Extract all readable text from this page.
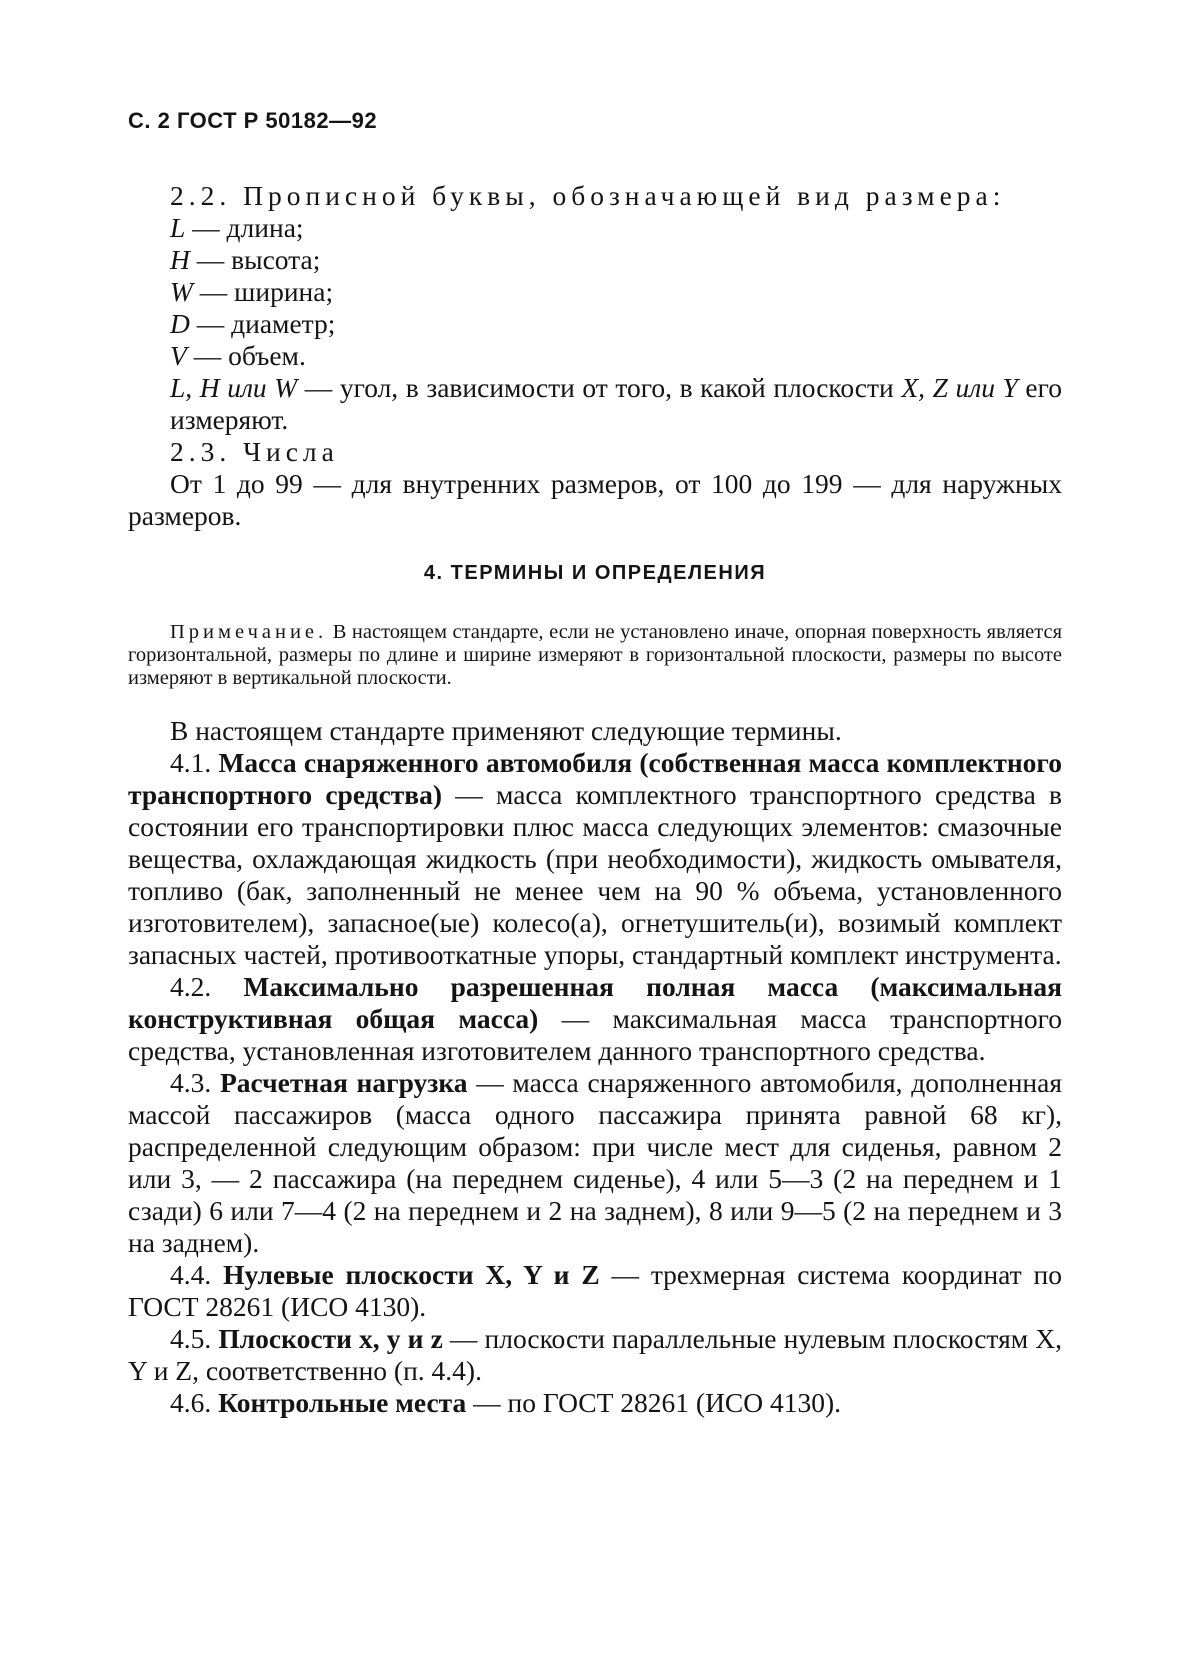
С. 2 ГОСТ Р 50182—92

2.2. Прописной буквы, обозначающей вид размера:

L — длина;

H — высота;

W — ширина;

D — диаметр;

V — объем.

L, H или W — угол, в зависимости от того, в какой плоскости X, Z или Y его измеряют.

2.3. Числа

От 1 до 99 — для внутренних размеров, от 100 до 199 — для наружных размеров.

4. ТЕРМИНЫ И ОПРЕДЕЛЕНИЯ
Примечание. В настоящем стандарте, если не установлено иначе, опорная поверхность является горизонтальной, размеры по длине и ширине измеряют в горизонтальной плоскости, размеры по высоте измеряют в вертикальной плоскости.

В настоящем стандарте применяют следующие термины.

4.1. Масса снаряженного автомобиля (собственная масса комплектного транспортного средства) — масса комплектного транспортного средства в состоянии его транспортировки плюс масса следующих элементов: смазочные вещества, охлаждающая жидкость (при необходимости), жидкость омывателя, топливо (бак, заполненный не менее чем на 90 % объема, установленного изготовителем), запасное(ые) колесо(а), огнетушитель(и), возимый комплект запасных частей, противооткатные упоры, стандартный комплект инструмента.

4.2. Максимально разрешенная полная масса (максимальная конструктивная общая масса) — максимальная масса транспортного средства, установленная изготовителем данного транспортного средства.

4.3. Расчетная нагрузка — масса снаряженного автомобиля, дополненная массой пассажиров (масса одного пассажира принята равной 68 кг), распределенной следующим образом: при числе мест для сиденья, равном 2 или 3, — 2 пассажира (на переднем сиденье), 4 или 5—3 (2 на переднем и 1 сзади) 6 или 7—4 (2 на переднем и 2 на заднем), 8 или 9—5 (2 на переднем и 3 на заднем).

4.4. Нулевые плоскости X, Y и Z — трехмерная система координат по ГОСТ 28261 (ИСО 4130).

4.5. Плоскости x, y и z — плоскости параллельные нулевым плоскостям X, Y и Z, соответственно (п. 4.4).

4.6. Контрольные места — по ГОСТ 28261 (ИСО 4130).
